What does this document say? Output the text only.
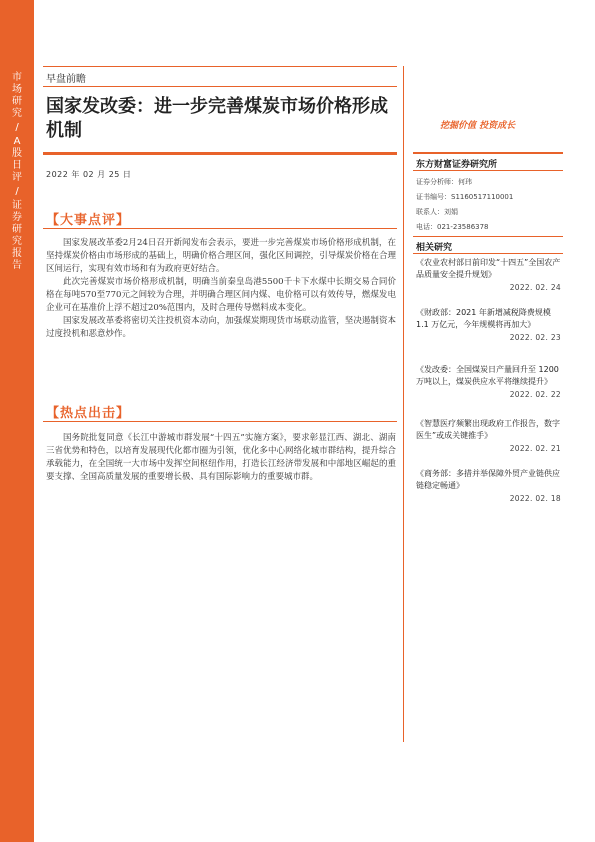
市场研究
/
A股日评
/
证券研究报告
早盘前瞻
国家发改委：进一步完善煤炭市场价格形成机制
2022 年 02 月 25 日
【大事点评】

国家发展改革委2月24日召开新闻发布会表示，要进一步完善煤炭市场价格形成机制，在坚持煤炭价格由市场形成的基础上，明确价格合理区间，强化区间调控，引导煤炭价格在合理区间运行，实现有效市场和有为政府更好结合。

此次完善煤炭市场价格形成机制，明确当前秦皇岛港5500千卡下水煤中长期交易合同价格在每吨570至770元之间较为合理，并明确合理区间内煤、电价格可以有效传导，燃煤发电企业可在基准价上浮不超过20%范围内，及时合理传导燃料成本变化。

国家发展改革委将密切关注投机资本动向，加强煤炭期现货市场联动监管，坚决遏制资本过度投机和恶意炒作。

【热点出击】

国务院批复同意《长江中游城市群发展“十四五”实施方案》，要求彰显江西、湖北、湖南三省优势和特色，以培育发展现代化都市圈为引领，优化多中心网络化城市群结构，提升综合承载能力，在全国统一大市场中发挥空间枢纽作用，打造长江经济带发展和中部地区崛起的重要支撑、全国高质量发展的重要增长极、具有国际影响力的重要城市群。

挖掘价值 投资成长
东方财富证券研究所
证券分析师：何玮
证书编号：S1160517110001
联系人：刘娟
电话：021-23586378
相关研究
《农业农村部日前印发“十四五”全国农产品质量安全提升规划》
2022. 02. 24
《财政部：2021 年新增减税降费规模 1.1 万亿元，今年规模将再加大》
2022. 02. 23
《发改委：全国煤炭日产量回升至 1200 万吨以上，煤炭供应水平将继续提升》
2022. 02. 22
《智慧医疗频繁出现政府工作报告，数字医生”或成关键推手》
2022. 02. 21
《商务部：多措并举保障外贸产业链供应链稳定畅通》
2022. 02. 18
